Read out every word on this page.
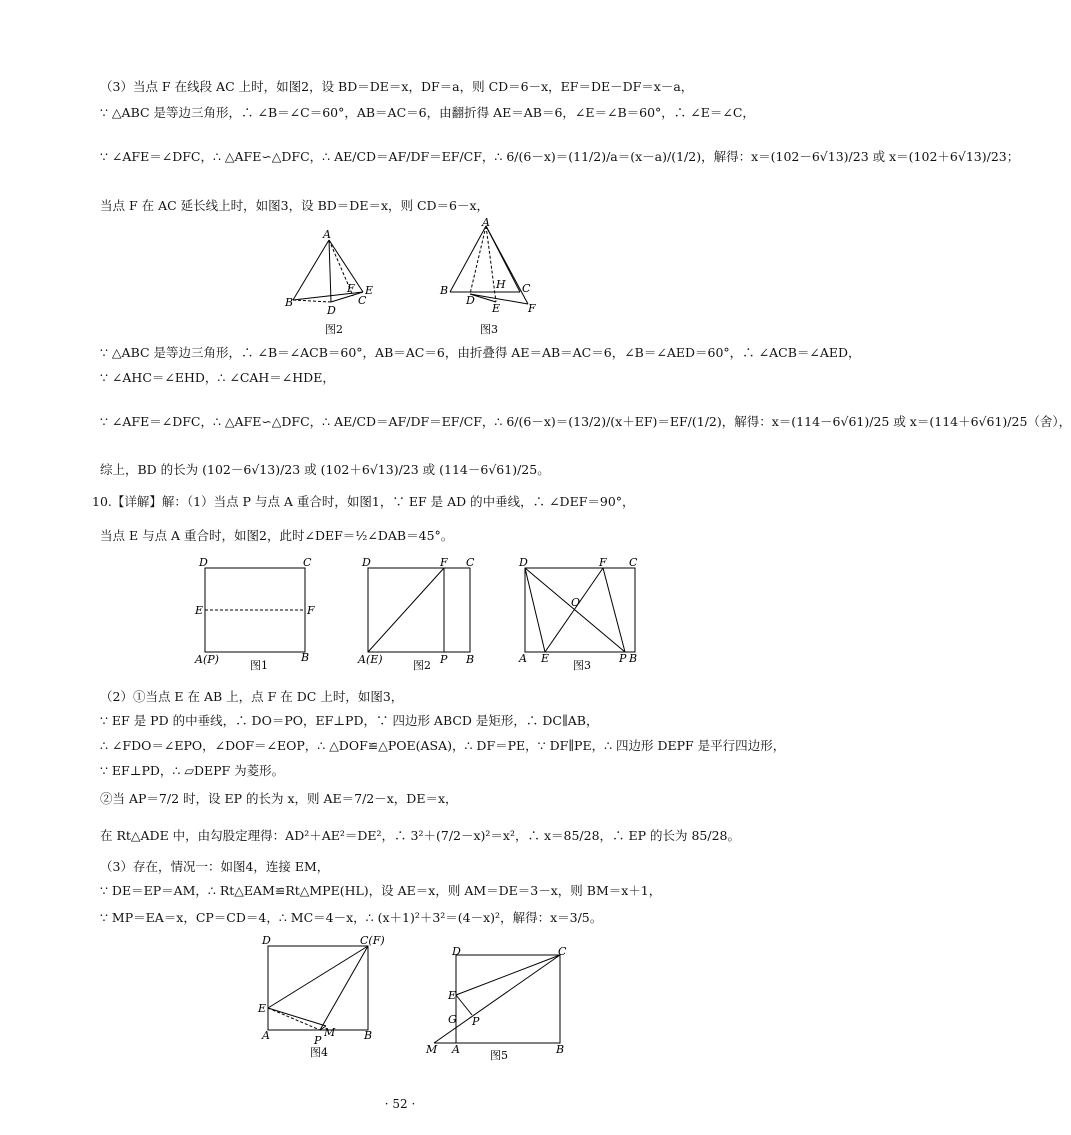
（3）当点 F 在线段 AC 上时，如图2，设 BD＝DE＝x，DF＝a，则 CD＝6－x，EF＝DE－DF＝x－a，
∵ △ABC 是等边三角形，∴ ∠B＝∠C＝60°，AB＝AC＝6，由翻折得 AE＝AB＝6，∠E＝∠B＝60°，∴ ∠E＝∠C，
∵ ∠AFE＝∠DFC，∴ △AFE∽△DFC，∴ AE/CD＝AF/DF＝EF/CF，∴ 6/(6－x)＝(11/2)/a＝(x－a)/(1/2)，解得：x＝(102－6√13)/23 或 x＝(102＋6√13)/23；
当点 F 在 AC 延长线上时，如图3，设 BD＝DE＝x，则 CD＝6－x，
A
B
D
F E
C
图2
A
B
D
H C
E	F
图3
∵ △ABC 是等边三角形，∴ ∠B＝∠ACB＝60°，AB＝AC＝6，由折叠得 AE＝AB＝AC＝6，∠B＝∠AED＝60°，∴ ∠ACB＝∠AED，
∵ ∠AHC＝∠EHD，∴ ∠CAH＝∠HDE，
∵ ∠AFE＝∠DFC，∴ △AFE∽△DFC，∴ AE/CD＝AF/DF＝EF/CF，∴ 6/(6－x)＝(13/2)/(x＋EF)＝EF/(1/2)，解得：x＝(114－6√61)/25 或 x＝(114＋6√61)/25（舍），
综上，BD 的长为 (102－6√13)/23 或 (102＋6√13)/23 或 (114－6√61)/25。
10.【详解】解：（1）当点 P 与点 A 重合时，如图1，∵ EF 是 AD 的中垂线，∴ ∠DEF＝90°，
当点 E 与点 A 重合时，如图2，此时∠DEF＝½∠DAB＝45°。
D	C
E	F
A(P)	B
图1
D	F C
A(E)	P B
图2
D	F C
O
A E	P B
图3
（2）①当点 E 在 AB 上，点 F 在 DC 上时，如图3，
∵ EF 是 PD 的中垂线，∴ DO＝PO，EF⊥PD，∵ 四边形 ABCD 是矩形，∴ DC∥AB，
∴ ∠FDO＝∠EPO，∠DOF＝∠EOP，∴ △DOF≌△POE(ASA)，∴ DF＝PE，∵ DF∥PE，∴ 四边形 DEPF 是平行四边形，
∵ EF⊥PD，∴ ▱DEPF 为菱形。
②当 AP＝7/2 时，设 EP 的长为 x，则 AE＝7/2－x，DE＝x，
在 Rt△ADE 中，由勾股定理得：AD²＋AE²＝DE²，∴ 3²＋(7/2－x)²＝x²，∴ x＝85/28，∴ EP 的长为 85/28。
（3）存在，情况一：如图4，连接 EM，
∵ DE＝EP＝AM，∴ Rt△EAM≌Rt△MPE(HL)，设 AE＝x，则 AM＝DE＝3－x，则 BM＝x＋1，
∵ MP＝EA＝x，CP＝CD＝4，∴ MC＝4－x，∴ (x＋1)²＋3²＝(4－x)²，解得：x＝3/5。
D	C(F)
E
A	M	B
P
图4
D	C
E
G P
M A	B
图5
· 52 ·
